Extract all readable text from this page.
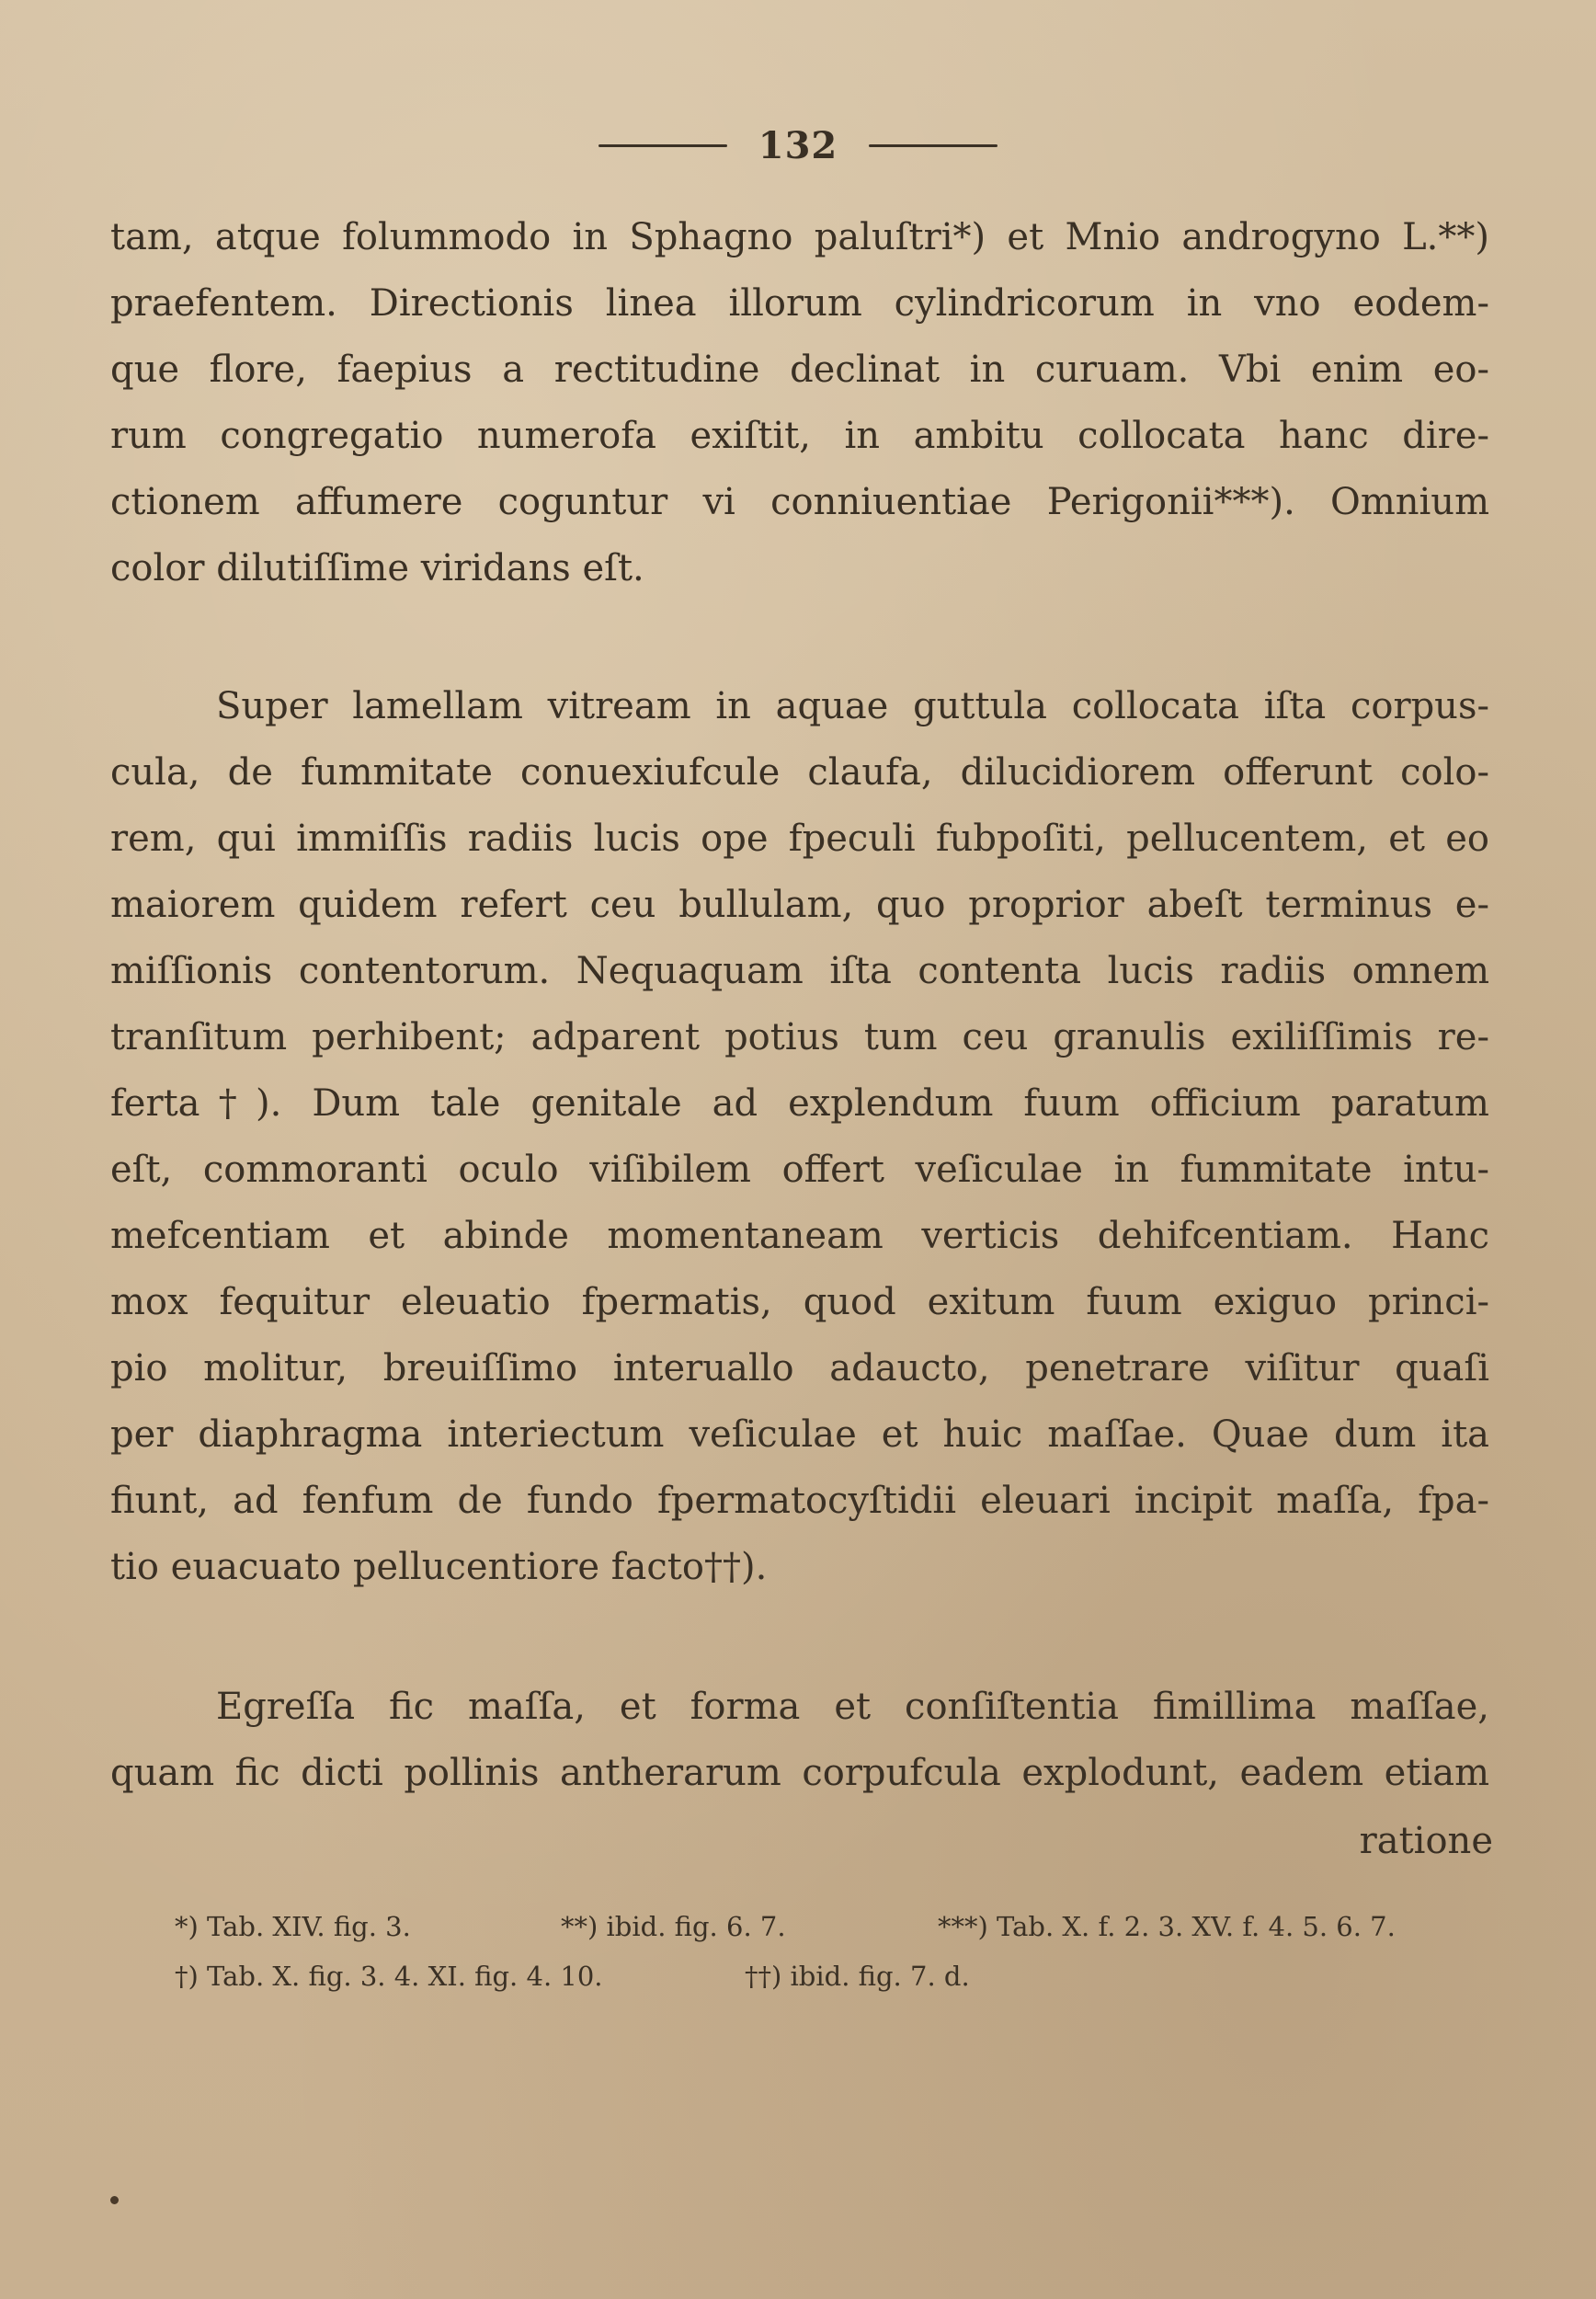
132

tam, atque folummodo in Sphagno paluſtri*) et Mnio androgyno L.**)
praefentem. Directionis linea illorum cylindricorum in vno eodem-
que flore, faepius a rectitudine declinat in curuam. Vbi enim eo-
rum congregatio numerofa exiſtit, in ambitu collocata hanc dire-
ctionem affumere coguntur vi conniuentiae Perigonii***). Omnium
color dilutiſſime viridans eſt.

Super lamellam vitream in aquae guttula collocata iſta corpus-
cula, de fummitate conuexiufcule claufa, dilucidiorem offerunt colo-
rem, qui immiſſis radiis lucis ope fpeculi fubpoſiti, pellucentem, et eo
maiorem quidem refert ceu bullulam, quo proprior abeſt terminus e-
miſſionis contentorum. Nequaquam iſta contenta lucis radiis omnem
tranſitum perhibent; adparent potius tum ceu granulis exiliſſimis re-
ferta†). Dum tale genitale ad explendum fuum officium paratum
eſt, commoranti oculo viſibilem offert veſiculae in fummitate intu-
mefcentiam et abinde momentaneam verticis dehifcentiam. Hanc
mox fequitur eleuatio fpermatis, quod exitum fuum exiguo princi-
pio molitur, breuiſſimo interuallo adaucto, penetrare viſitur quaſi
per diaphragma interiectum veſiculae et huic maſſae. Quae dum ita
fiunt, ad fenfum de fundo fpermatocyſtidii eleuari incipit maſſa, fpa-
tio euacuato pellucentiore facto††).

Egreſſa fic maſſa, et forma et conſiſtentia fimillima maſſae,
quam fic dicti pollinis antherarum corpufcula explodunt, eadem etiam

ratione

*) Tab. XIV. fig. 3.	**) ibid. fig. 6. 7.	***) Tab. X. f. 2. 3. XV. f. 4. 5. 6. 7.
†) Tab. X. fig. 3. 4. XI. fig. 4. 10.	††) ibid. fig. 7. d.
